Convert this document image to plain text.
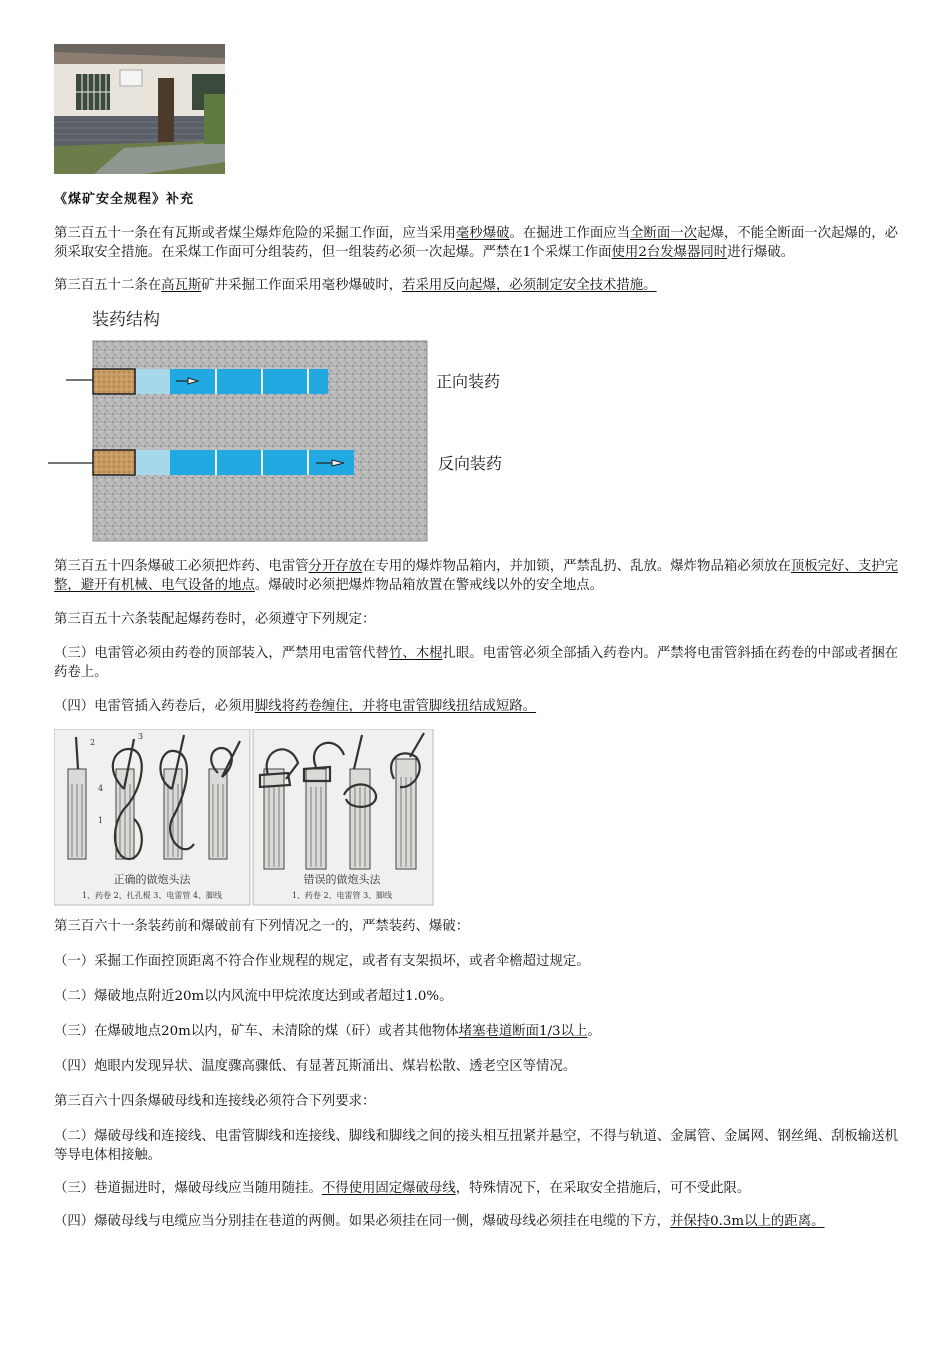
《煤矿安全规程》补充

第三百五十一条在有瓦斯或者煤尘爆炸危险的采掘工作面，应当采用毫秒爆破。在掘进工作面应当全断面一次起爆，不能全断面一次起爆的，必须采取安全措施。在采煤工作面可分组装药，但一组装药必须一次起爆。严禁在1个采煤工作面使用2台发爆器同时进行爆破。

第三百五十二条在高瓦斯矿井采掘工作面采用毫秒爆破时，若采用反向起爆，必须制定安全技术措施。

装药结构
正向装药
反向装药

第三百五十四条爆破工必须把炸药、电雷管分开存放在专用的爆炸物品箱内，并加锁，严禁乱扔、乱放。爆炸物品箱必须放在顶板完好、支护完整，避开有机械、电气设备的地点。爆破时必须把爆炸物品箱放置在警戒线以外的安全地点。

第三百五十六条装配起爆药卷时，必须遵守下列规定：

（三）电雷管必须由药卷的顶部装入，严禁用电雷管代替竹、木棍扎眼。电雷管必须全部插入药卷内。严禁将电雷管斜插在药卷的中部或者捆在药卷上。

（四）电雷管插入药卷后，必须用脚线将药卷缠住，并将电雷管脚线扭结成短路。

正确的做炮头法
1、药卷 2、扎孔棍 3、电雷管 4、脚线
2
3
4
1
错误的做炮头法
1、药卷 2、电雷管 3、脚线

第三百六十一条装药前和爆破前有下列情况之一的，严禁装药、爆破：

（一）采掘工作面控顶距离不符合作业规程的规定，或者有支架损坏，或者伞檐超过规定。

（二）爆破地点附近20m以内风流中甲烷浓度达到或者超过1.0%。

（三）在爆破地点20m以内，矿车、未清除的煤（矸）或者其他物体堵塞巷道断面1/3以上。

（四）炮眼内发现异状、温度骤高骤低、有显著瓦斯涌出、煤岩松散、透老空区等情况。

第三百六十四条爆破母线和连接线必须符合下列要求：

（二）爆破母线和连接线、电雷管脚线和连接线、脚线和脚线之间的接头相互扭紧并悬空，不得与轨道、金属管、金属网、钢丝绳、刮板输送机等导电体相接触。

（三）巷道掘进时，爆破母线应当随用随挂。不得使用固定爆破母线，特殊情况下，在采取安全措施后，可不受此限。

（四）爆破母线与电缆应当分别挂在巷道的两侧。如果必须挂在同一侧，爆破母线必须挂在电缆的下方，并保持0.3m以上的距离。
